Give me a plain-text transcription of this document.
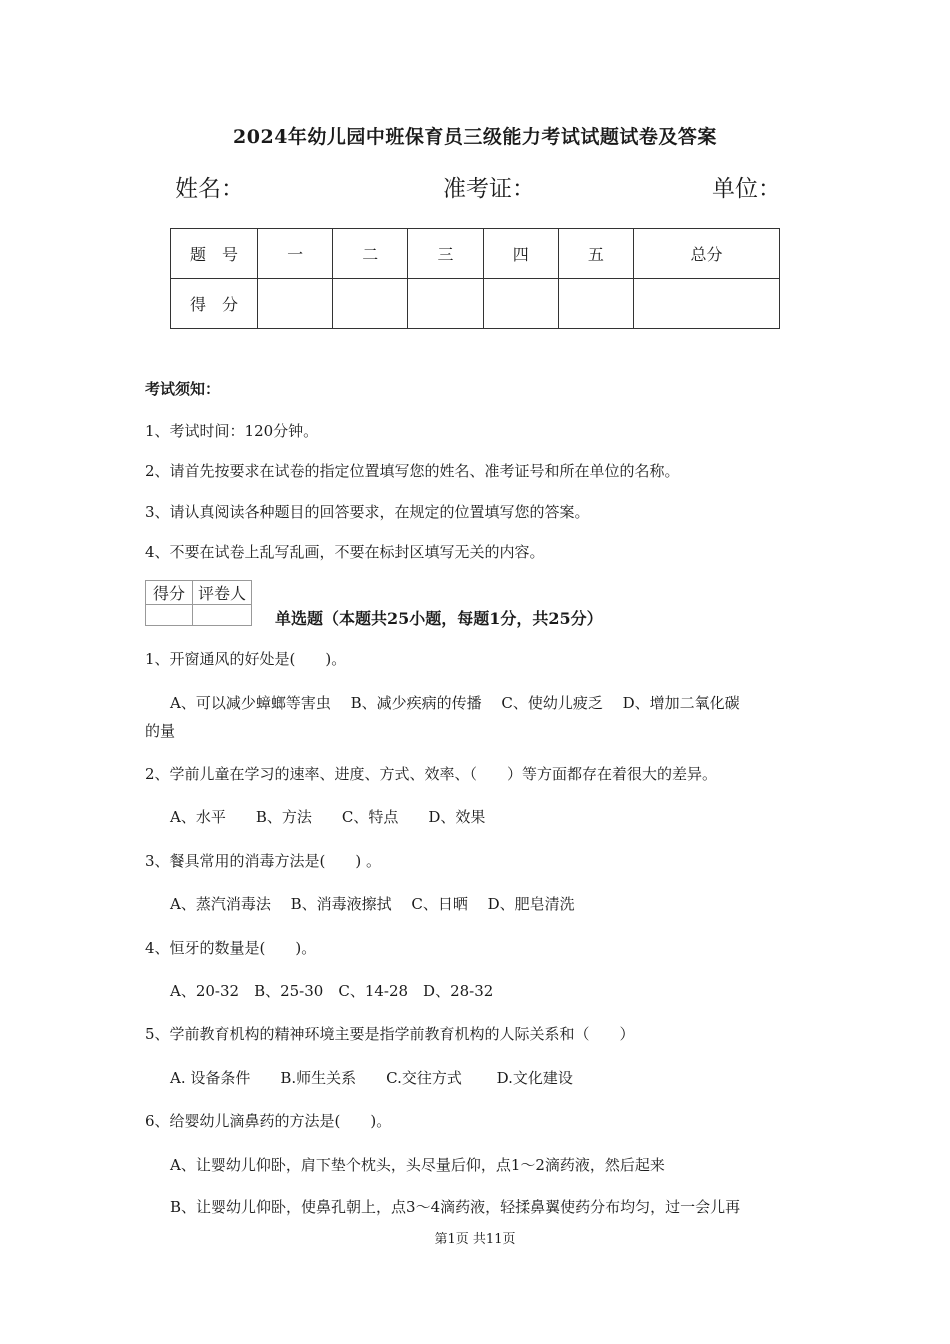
2024年幼儿园中班保育员三级能力考试试题试卷及答案
姓名：	准考证：	单位：
题　号	一	二	三	四	五	总分
得　分						
考试须知：
1、考试时间：120分钟。
2、请首先按要求在试卷的指定位置填写您的姓名、准考证号和所在单位的名称。
3、请认真阅读各种题目的回答要求，在规定的位置填写您的答案。
4、不要在试卷上乱写乱画，不要在标封区填写无关的内容。
得分	评卷人

单选题（本题共25小题，每题1分，共25分）
1、开窗通风的好处是(　　)。
A、可以减少蟑螂等害虫　 B、减少疾病的传播　 C、使幼儿疲乏　 D、增加二氧化碳
的量
2、学前儿童在学习的速率、进度、方式、效率、（　　）等方面都存在着很大的差异。
A、水平　　B、方法　　C、特点　　D、效果
3、餐具常用的消毒方法是(　　) 。
A、蒸汽消毒法　 B、消毒液擦拭　 C、日晒　 D、肥皂清洗
4、恒牙的数量是(　　)。
A、20-32　B、25-30　C、14-28　D、28-32
5、学前教育机构的精神环境主要是指学前教育机构的人际关系和（　　）
A. 设备条件　　B.师生关系　　C.交往方式　　 D.文化建设
6、给婴幼儿滴鼻药的方法是(　　)。
A、让婴幼儿仰卧，肩下垫个枕头，头尽量后仰，点1～2滴药液，然后起来
B、让婴幼儿仰卧，使鼻孔朝上，点3～4滴药液，轻揉鼻翼使药分布均匀，过一会儿再
第1页 共11页
